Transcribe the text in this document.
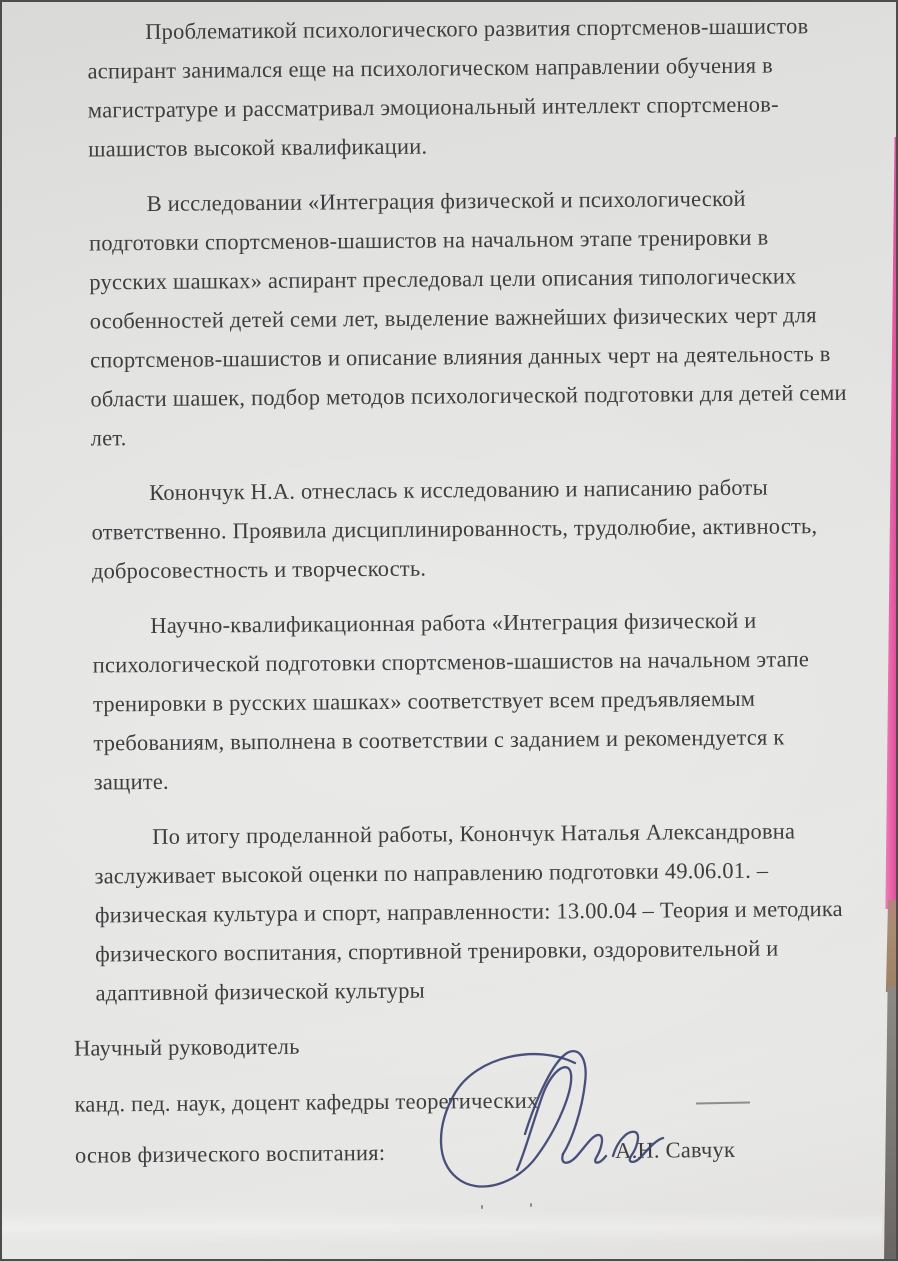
Проблематикой психологического развития спортсменов-шашистов
аспирант занимался еще на психологическом направлении обучения в
магистратуре и рассматривал эмоциональный интеллект спортсменов-
шашистов высокой квалификации.

В исследовании «Интеграция физической и психологической
подготовки спортсменов-шашистов на начальном этапе тренировки в
русских шашках» аспирант преследовал цели описания типологических
особенностей детей семи лет, выделение важнейших физических черт для
спортсменов-шашистов и описание влияния данных черт на деятельность в
области шашек, подбор методов психологической подготовки для детей семи
лет.

Конончук Н.А. отнеслась к исследованию и написанию работы
ответственно. Проявила дисциплинированность, трудолюбие, активность,
добросовестность и творческость.

Научно-квалификационная работа «Интеграция физической и
психологической подготовки спортсменов-шашистов на начальном этапе
тренировки в русских шашках» соответствует всем предъявляемым
требованиям, выполнена в соответствии с заданием и рекомендуется к
защите.

По итогу проделанной работы, Конончук Наталья Александровна
заслуживает высокой оценки по направлению подготовки 49.06.01. –
физическая культура и спорт, направленности: 13.00.04 – Теория и методика
физического воспитания, спортивной тренировки, оздоровительной и
адаптивной физической культуры

Научный руководитель

канд. пед. наук, доцент кафедры теоретических

основ физического воспитания:	А.Н. Савчук
